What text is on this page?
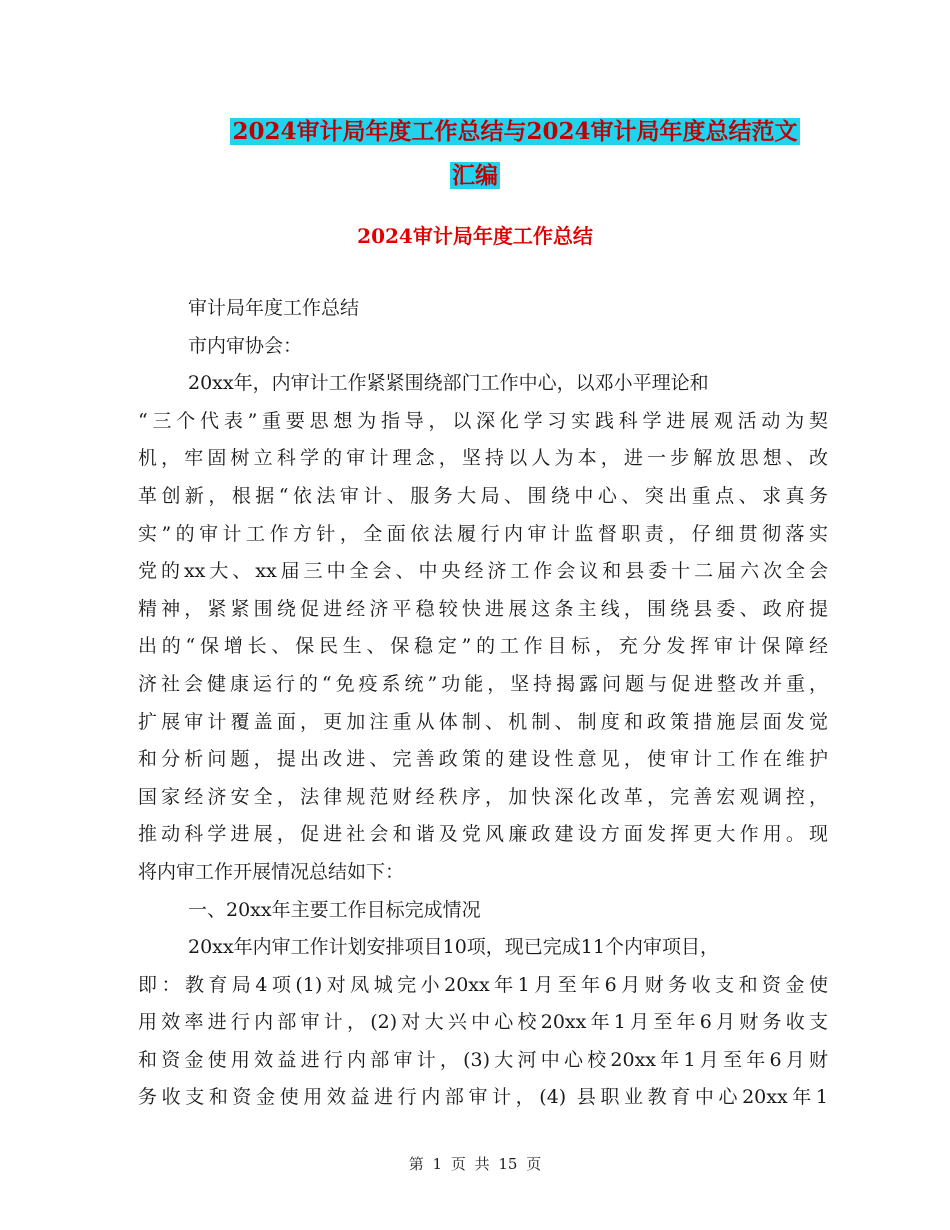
2024审计局年度工作总结与2024审计局年度总结范文
汇编
2024审计局年度工作总结
审计局年度工作总结
市内审协会：
20xx年，内审计工作紧紧围绕部门工作中心，以邓小平理论和
“三个代表”重要思想为指导，以深化学习实践科学进展观活动为契
机，牢固树立科学的审计理念，坚持以人为本，进一步解放思想、改
革创新，根据“依法审计、服务大局、围绕中心、突出重点、求真务
实”的审计工作方针，全面依法履行内审计监督职责，仔细贯彻落实
党的xx大、xx届三中全会、中央经济工作会议和县委十二届六次全会
精神，紧紧围绕促进经济平稳较快进展这条主线，围绕县委、政府提
出的“保增长、保民生、保稳定”的工作目标，充分发挥审计保障经
济社会健康运行的“免疫系统”功能，坚持揭露问题与促进整改并重，
扩展审计覆盖面，更加注重从体制、机制、制度和政策措施层面发觉
和分析问题，提出改进、完善政策的建设性意见，使审计工作在维护
国家经济安全，法律规范财经秩序，加快深化改革，完善宏观调控，
推动科学进展，促进社会和谐及党风廉政建设方面发挥更大作用。现
将内审工作开展情况总结如下：
一、20xx年主要工作目标完成情况
20xx年内审工作计划安排项目10项，现已完成11个内审项目，
即：教育局4项(1)对凤城完小20xx年1月至年6月财务收支和资金使
用效率进行内部审计，(2)对大兴中心校20xx年1月至年6月财务收支
和资金使用效益进行内部审计，(3)大河中心校20xx年1月至年6月财
务收支和资金使用效益进行内部审计，(4) 县职业教育中心20xx年1
第 1 页 共 15 页
